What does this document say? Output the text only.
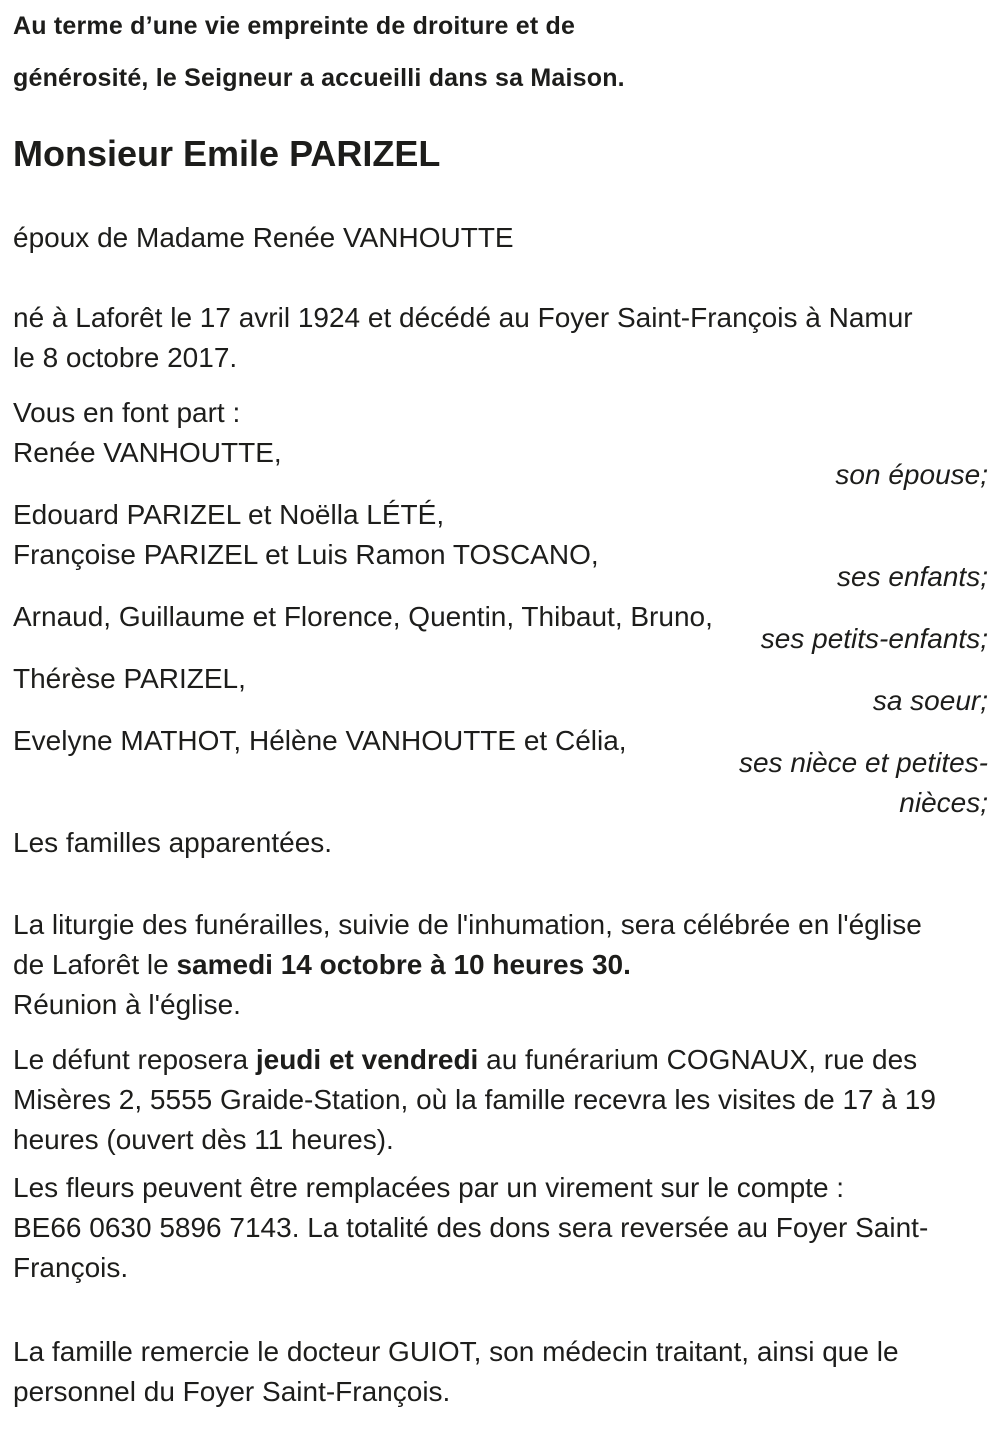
Au terme d’une vie empreinte de droiture et de
générosité, le Seigneur a accueilli dans sa Maison.
Monsieur Emile PARIZEL
époux de Madame Renée VANHOUTTE
né à Laforêt le 17 avril 1924 et décédé au Foyer Saint-François à Namur
le 8 octobre 2017.
Vous en font part :
Renée VANHOUTTE,
son épouse;
Edouard PARIZEL et Noëlla LÉTÉ,
Françoise PARIZEL et Luis Ramon TOSCANO,
ses enfants;
Arnaud, Guillaume et Florence, Quentin, Thibaut, Bruno,
ses petits-enfants;
Thérèse PARIZEL,
sa soeur;
Evelyne MATHOT, Hélène VANHOUTTE et Célia,
ses nièce et petites-
nièces;
Les familles apparentées.
La liturgie des funérailles, suivie de l'inhumation, sera célébrée en l'église
de Laforêt le samedi 14 octobre à 10 heures 30.
Réunion à l'église.
Le défunt reposera jeudi et vendredi au funérarium COGNAUX, rue des
Misères 2, 5555 Graide-Station, où la famille recevra les visites de 17 à 19
heures (ouvert dès 11 heures).
Les fleurs peuvent être remplacées par un virement sur le compte :
BE66 0630 5896 7143. La totalité des dons sera reversée au Foyer Saint-
François.
La famille remercie le docteur GUIOT, son médecin traitant, ainsi que le
personnel du Foyer Saint-François.
